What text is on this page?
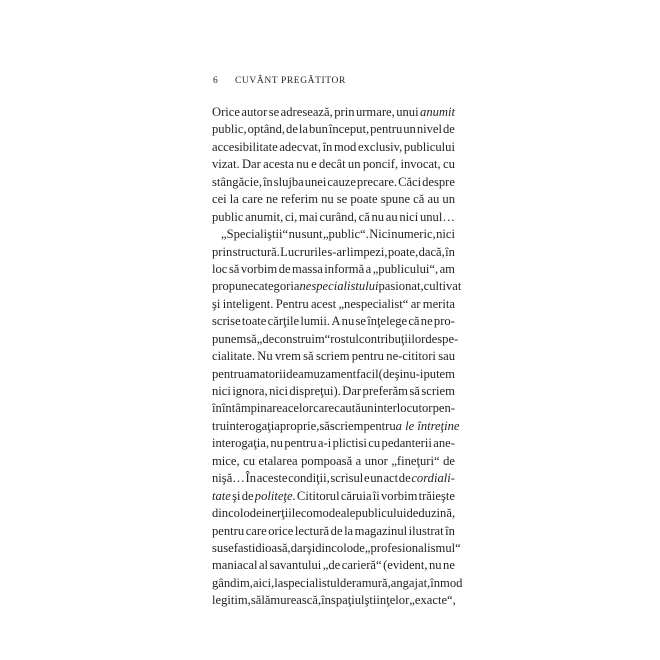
6 CUVÂNT PREGĂTITOR
Orice autor se adresează, prin urmare, unui anumit
public, optând, de la bun început, pentru un nivel de
accesibilitate adecvat, în mod exclusiv, publicului
vizat. Dar acesta nu e decât un poncif, invocat, cu
stângăcie, în slujba unei cauze precare. Căci despre
cei la care ne referim nu se poate spune că au un
public anumit, ci, mai curând, că nu au nici unul…
„Specialiştii“ nu sunt „public“. Nici numeric, nici
prin structură. Lucrurile s-ar limpezi, poate, dacă, în
loc să vorbim de massa informă a „publicului“, am
propune categoria nespecialistului pasionat, cultivat
şi inteligent. Pentru acest „nespecialist“ ar merita
scrise toate cărţile lumii. A nu se înţelege că ne pro-
punem să „deconstruim“ rostul contribuţiilor de spe-
cialitate. Nu vrem să scriem pentru ne-cititori sau
pentru amatorii de amuzament facil (deşi nu-i putem
nici ignora, nici dispreţui). Dar preferăm să scriem
în întâmpinarea celor care caută un interlocutor pen-
tru interogaţia proprie, să scriem pentru a le întreţine
interogaţia, nu pentru a-i plictisi cu pedanterii ane-
mice, cu etalarea pompoasă a unor „fineţuri“ de
nişă… În aceste condiţii, scrisul e un act de cordiali-
tate şi de politeţe. Cititorul căruia îi vorbim trăieşte
dincolo de inerţiile comode ale publicului de duzină,
pentru care orice lectură de la magazinul ilustrat în
sus e fastidioasă, dar şi dincolo de „profesionalismul“
maniacal al savantului „de carieră“ (evident, nu ne
gândim, aici, la specialistul de ramură, angajat, în mod
legitim, să lămurească, în spaţiul ştiinţelor „exacte“,
